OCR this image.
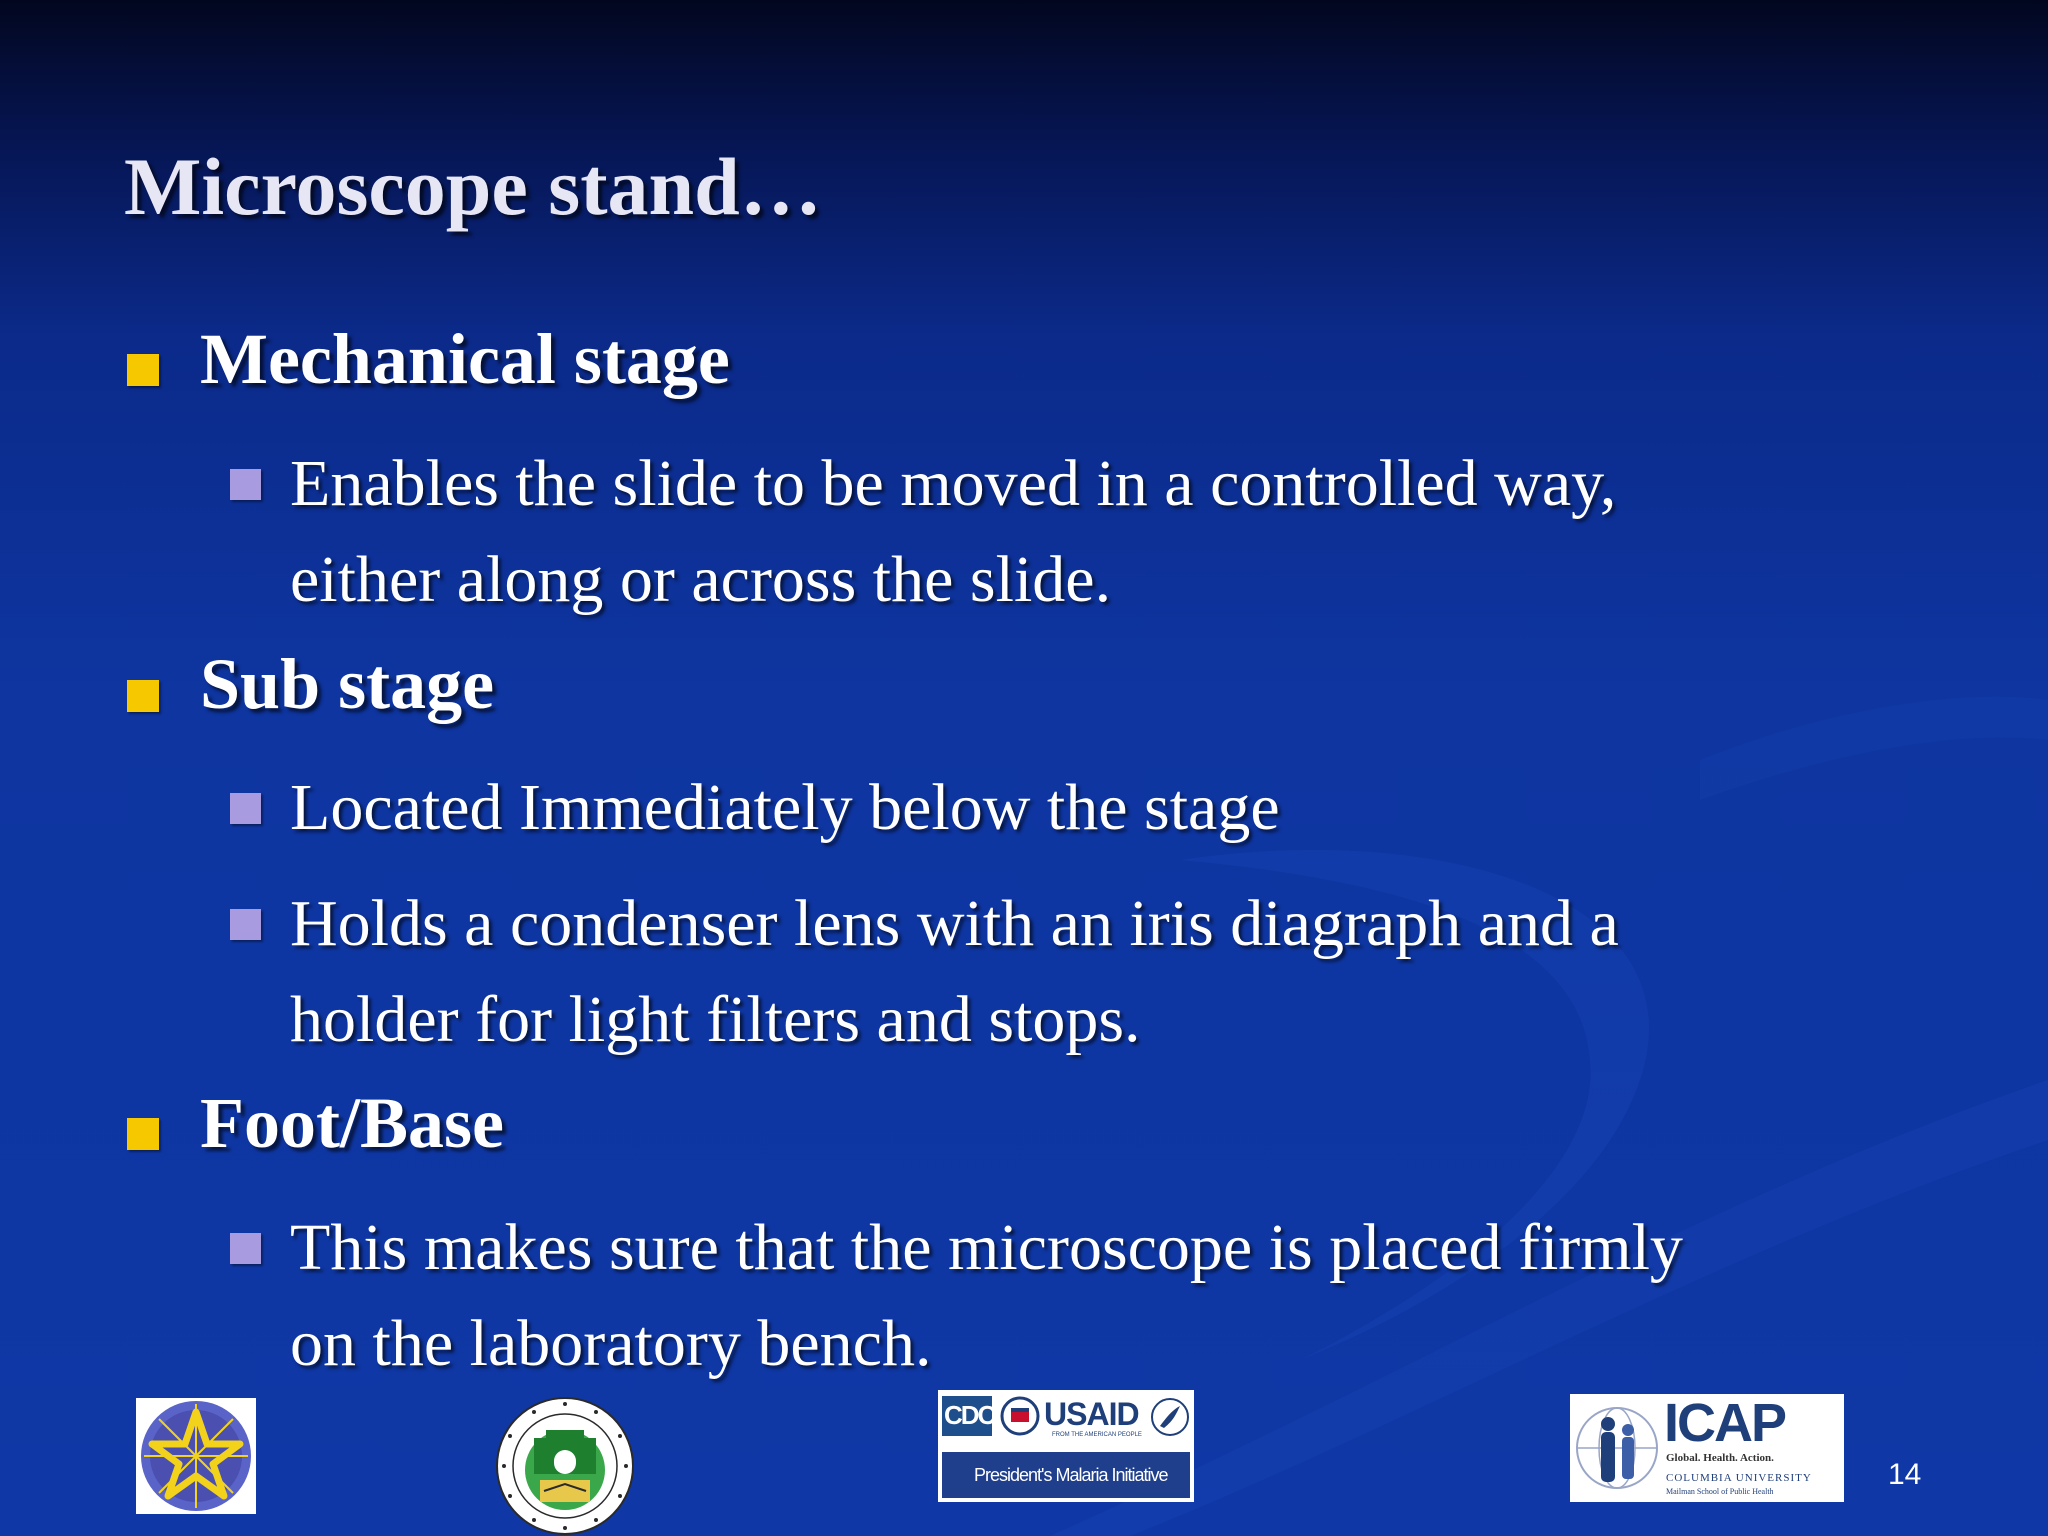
Microscope stand…

Mechanical stage

Enables the slide to be moved in a controlled way,

either along or across the slide.

Sub stage

Located Immediately below the stage

Holds a condenser lens with an iris diagraph and a

holder for light filters and stops.

Foot/Base

This makes sure that the microscope is placed firmly

on the laboratory bench.

CDC USAID
FROM THE AMERICAN PEOPLE
President's Malaria Initiative
ICAP
Global. Health. Action.
COLUMBIA UNIVERSITY
Mailman School of Public Health
14
